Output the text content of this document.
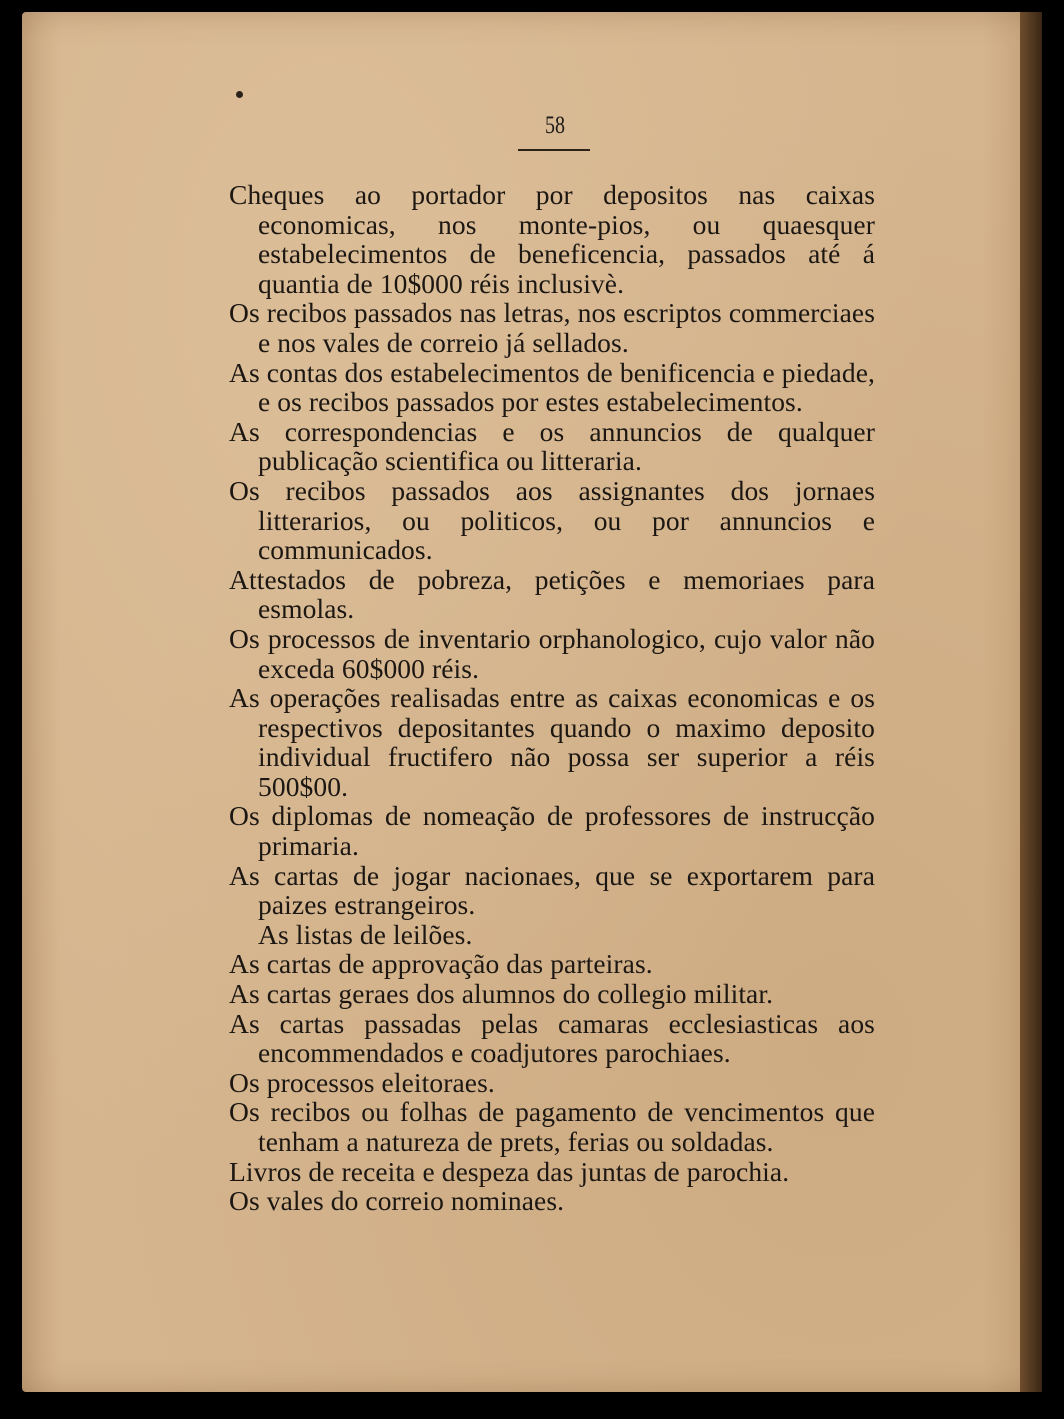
58

Cheques ao portador por depositos nas caixas economicas, nos monte-pios, ou quaesquer estabelecimentos de beneficencia, passados até á quantia de 10$000 réis inclusivè.

Os recibos passados nas letras, nos escriptos commerciaes e nos vales de correio já sellados.

As contas dos estabelecimentos de benificencia e piedade, e os recibos passados por estes estabelecimentos.

As correspondencias e os annuncios de qualquer publicação scientifica ou litteraria.

Os recibos passados aos assignantes dos jornaes litterarios, ou politicos, ou por annuncios e communicados.

Attestados de pobreza, petições e memoriaes para esmolas.

Os processos de inventario orphanologico, cujo valor não exceda 60$000 réis.

As operações realisadas entre as caixas economicas e os respectivos depositantes quando o maximo deposito individual fructifero não possa ser superior a réis 500$00.

Os diplomas de nomeação de professores de instrucção primaria.

As cartas de jogar nacionaes, que se exportarem para paizes estrangeiros.

As listas de leilões.

As cartas de approvação das parteiras.

As cartas geraes dos alumnos do collegio militar.

As cartas passadas pelas camaras ecclesiasticas aos encommendados e coadjutores parochiaes.

Os processos eleitoraes.

Os recibos ou folhas de pagamento de vencimentos que tenham a natureza de prets, ferias ou soldadas.

Livros de receita e despeza das juntas de parochia.

Os vales do correio nominaes.
